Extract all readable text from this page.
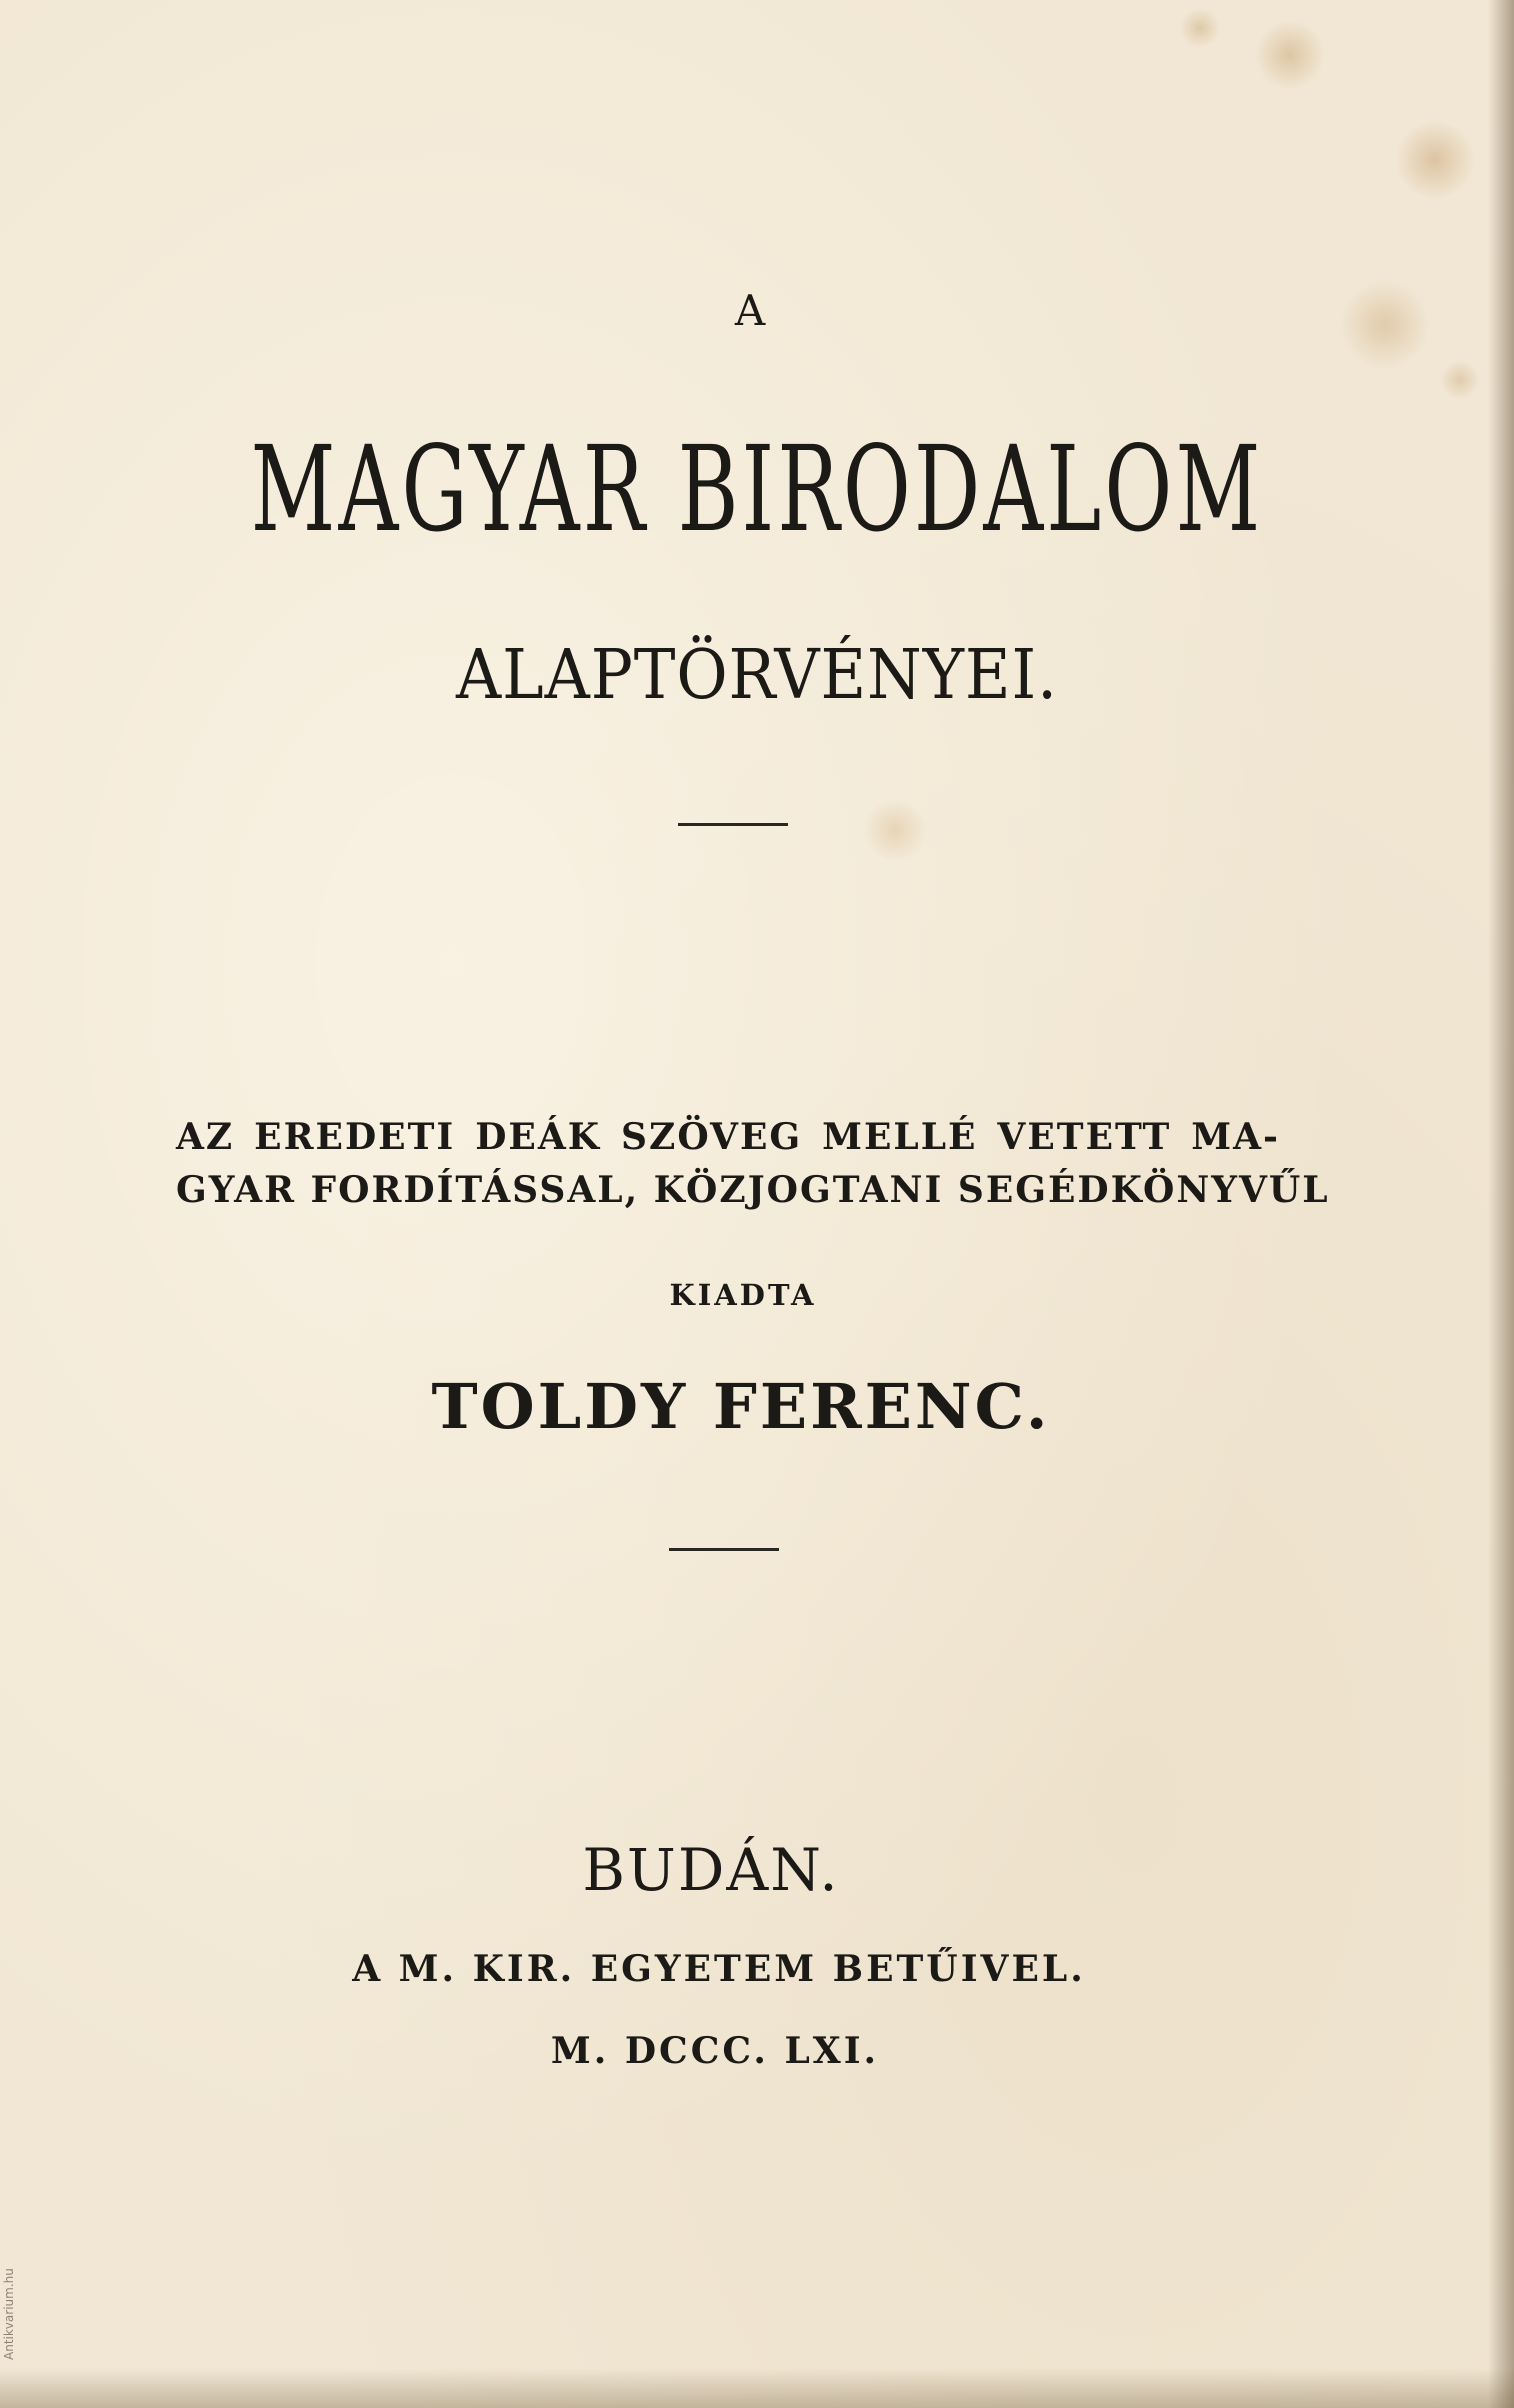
A
MAGYAR BIRODALOM
ALAPTÖRVÉNYEI.
AZ EREDETI DEÁK SZÖVEG MELLÉ VETETT MA-
GYAR FORDÍTÁSSAL, KÖZJOGTANI SEGÉDKÖNYVŰL
KIADTA
TOLDY FERENC.
BUDÁN.
A M. KIR. EGYETEM BETŰIVEL.
M. DCCC. LXI.
Antikvarium.hu
